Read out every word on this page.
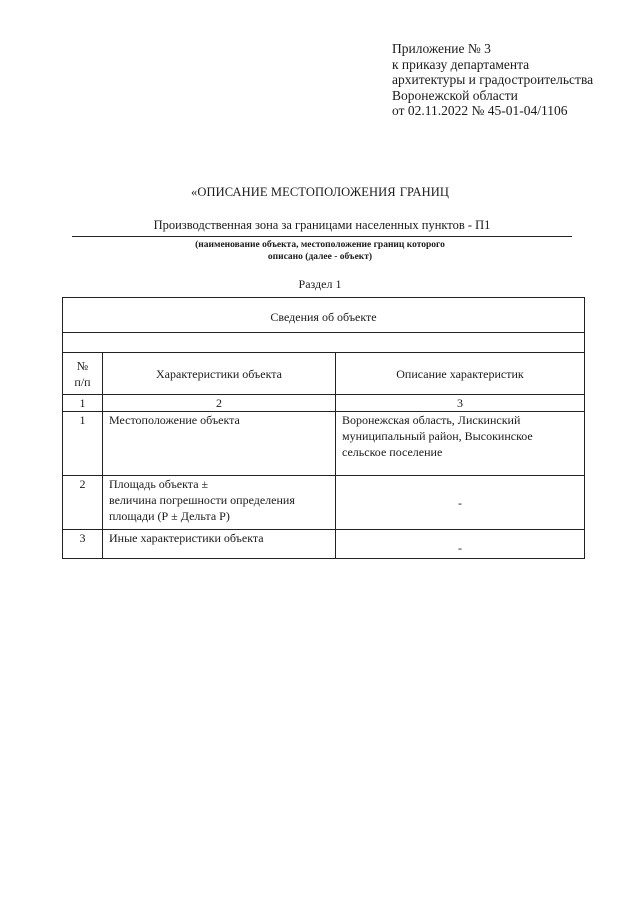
Приложение № 3
к приказу департамента
архитектуры и градостроительства
Воронежской области
от 02.11.2022 № 45-01-04/1106
«ОПИСАНИЕ МЕСТОПОЛОЖЕНИЯ ГРАНИЦ
Производственная зона за границами населенных пунктов - П1
(наименование объекта, местоположение границ которого
описано (далее - объект)
Раздел 1
Сведения об объекте		

№
п/п	Характеристики объекта	Описание характеристик
1	2	3
1	Местоположение объекта	Воронежская область, Лискинский
муниципальный район, Высокинское
сельское поселение

2	Площадь объекта ±
величина погрешности определения
площади (Р ± Дельта Р)	-
3	Иные характеристики объекта	-
